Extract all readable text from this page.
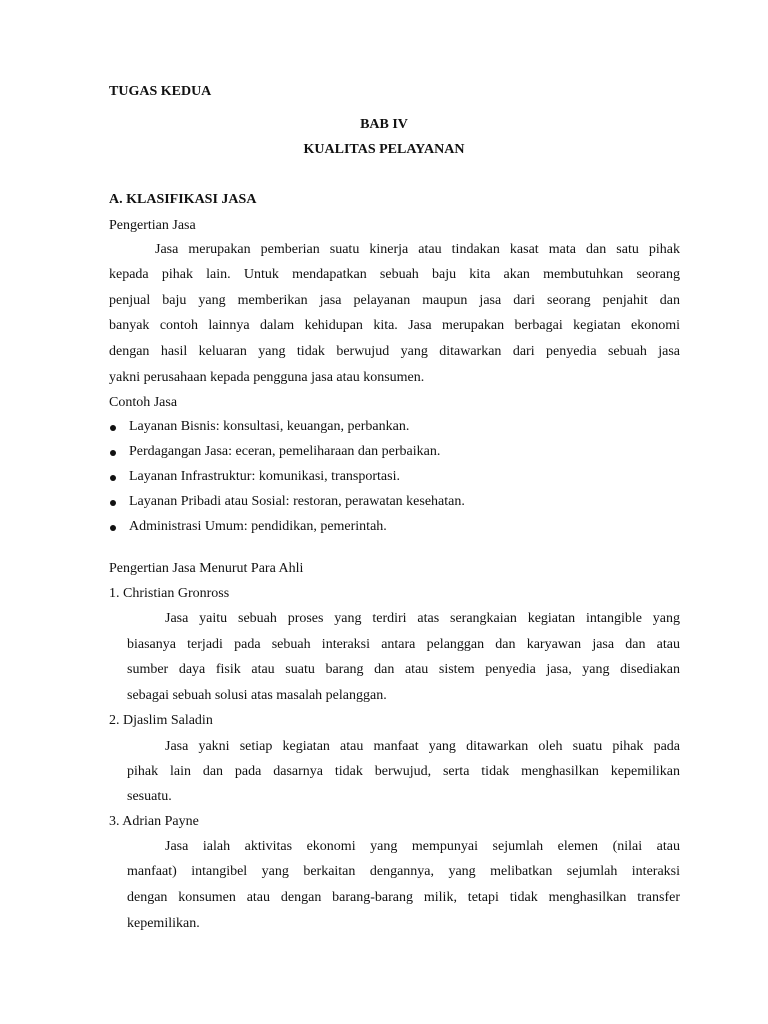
TUGAS KEDUA
BAB IV
KUALITAS PELAYANAN
A. KLASIFIKASI JASA
Pengertian Jasa
Jasa merupakan pemberian suatu kinerja atau tindakan kasat mata dan satu pihak
kepada pihak lain. Untuk mendapatkan sebuah baju kita akan membutuhkan seorang
penjual baju yang memberikan jasa pelayanan maupun jasa dari seorang penjahit dan
banyak contoh lainnya dalam kehidupan kita. Jasa merupakan berbagai kegiatan ekonomi
dengan hasil keluaran yang tidak berwujud yang ditawarkan dari penyedia sebuah jasa
yakni perusahaan kepada pengguna jasa atau konsumen.
Contoh Jasa
Layanan Bisnis: konsultasi, keuangan, perbankan.
Perdagangan Jasa: eceran, pemeliharaan dan perbaikan.
Layanan Infrastruktur: komunikasi, transportasi.
Layanan Pribadi atau Sosial: restoran, perawatan kesehatan.
Administrasi Umum: pendidikan, pemerintah.
Pengertian Jasa Menurut Para Ahli
1. Christian Gronross
Jasa yaitu sebuah proses yang terdiri atas serangkaian kegiatan intangible yang
biasanya terjadi pada sebuah interaksi antara pelanggan dan karyawan jasa dan atau
sumber daya fisik atau suatu barang dan atau sistem penyedia jasa, yang disediakan
sebagai sebuah solusi atas masalah pelanggan.
2. Djaslim Saladin
Jasa yakni setiap kegiatan atau manfaat yang ditawarkan oleh suatu pihak pada
pihak lain dan pada dasarnya tidak berwujud, serta tidak menghasilkan kepemilikan
sesuatu.
3. Adrian Payne
Jasa ialah aktivitas ekonomi yang mempunyai sejumlah elemen (nilai atau
manfaat) intangibel yang berkaitan dengannya, yang melibatkan sejumlah interaksi
dengan konsumen atau dengan barang-barang milik, tetapi tidak menghasilkan transfer
kepemilikan.
